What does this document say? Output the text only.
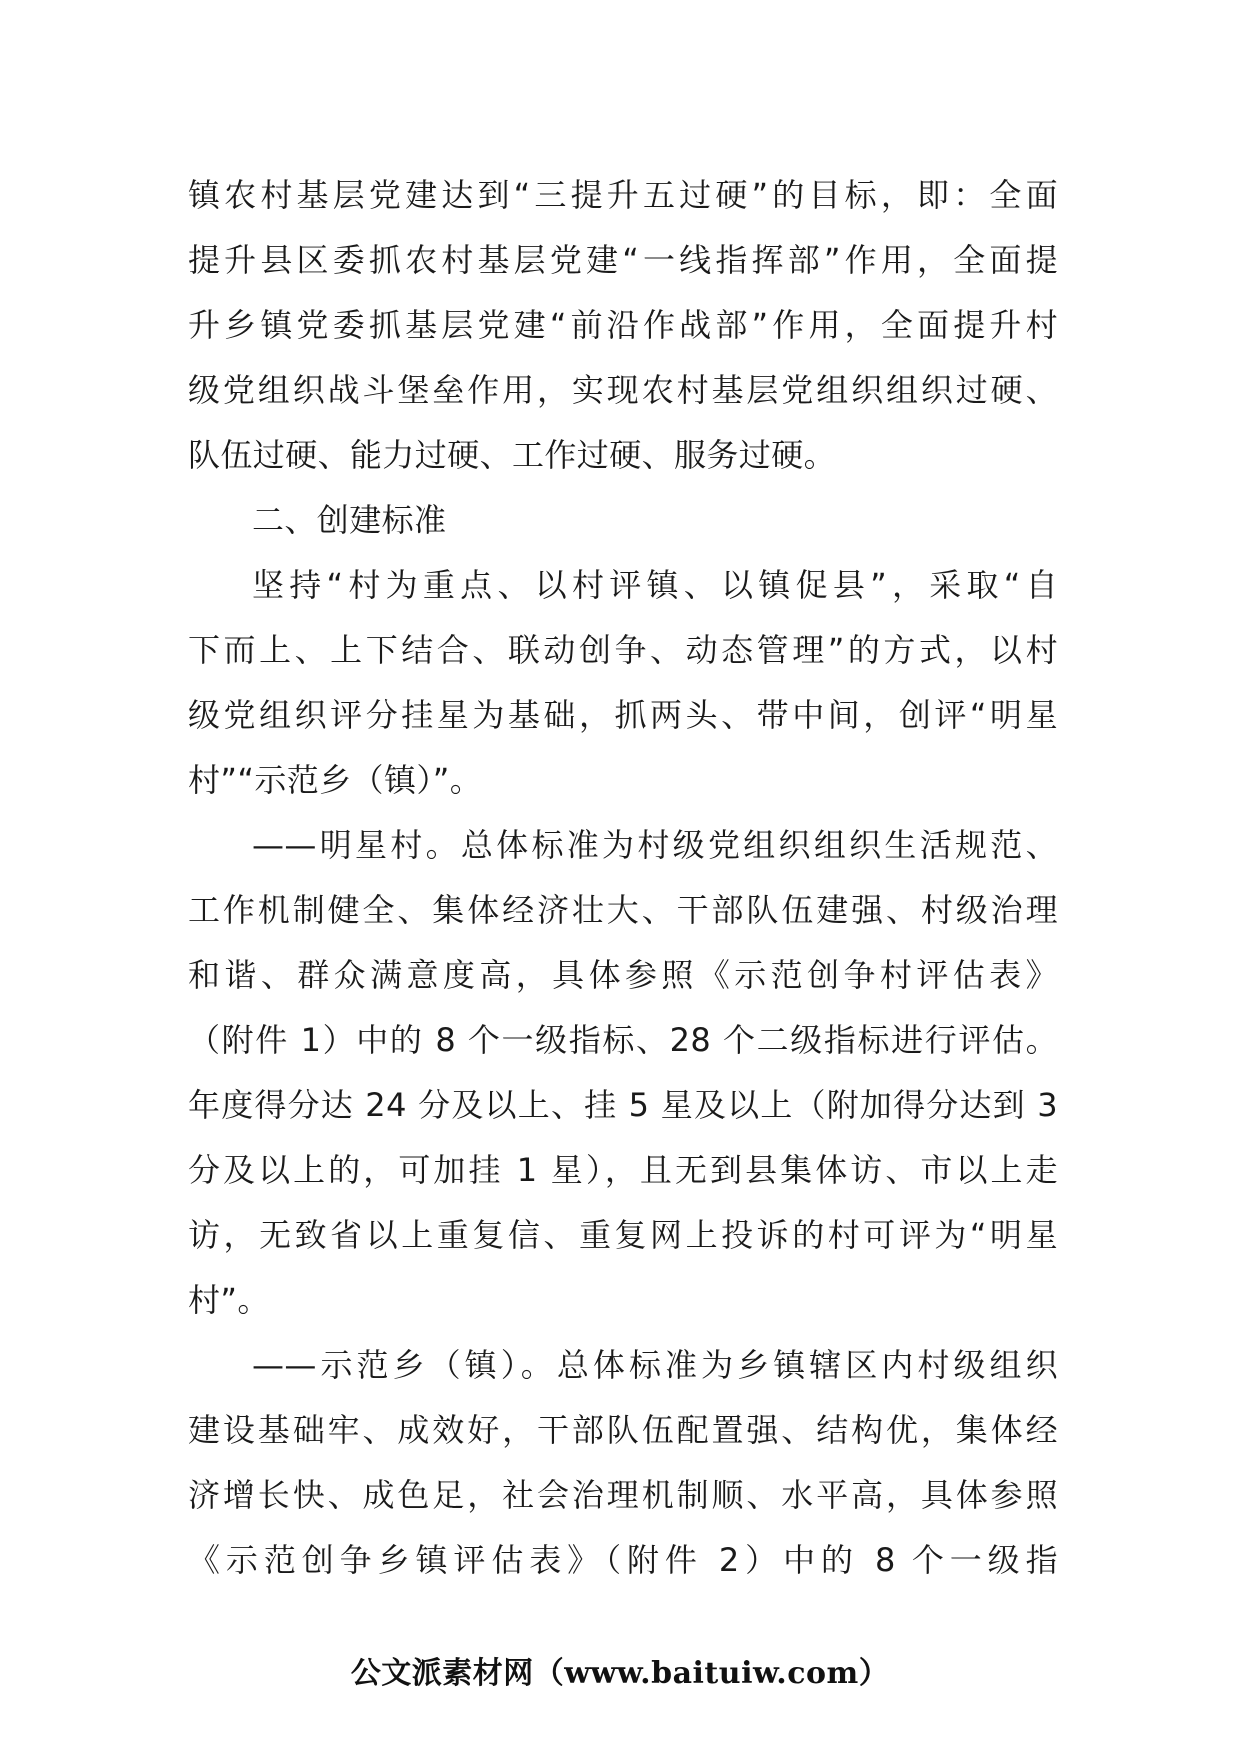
镇农村基层党建达到“三提升五过硬”的目标，即：全面
提升县区委抓农村基层党建“一线指挥部”作用，全面提
升乡镇党委抓基层党建“前沿作战部”作用，全面提升村
级党组织战斗堡垒作用，实现农村基层党组织组织过硬、
队伍过硬、能力过硬、工作过硬、服务过硬。
二、创建标准
坚持“村为重点、以村评镇、以镇促县”，采取“自
下而上、上下结合、联动创争、动态管理”的方式，以村
级党组织评分挂星为基础，抓两头、带中间，创评“明星
村”“示范乡（镇）”。
——明星村。总体标准为村级党组织组织生活规范、
工作机制健全、集体经济壮大、干部队伍建强、村级治理
和谐、群众满意度高，具体参照《示范创争村评估表》
（附件 1）中的 8 个一级指标、28 个二级指标进行评估。
年度得分达 24 分及以上、挂 5 星及以上（附加得分达到 3
分及以上的，可加挂 1 星），且无到县集体访、市以上走
访，无致省以上重复信、重复网上投诉的村可评为“明星
村”。
——示范乡（镇）。总体标准为乡镇辖区内村级组织
建设基础牢、成效好，干部队伍配置强、结构优，集体经
济增长快、成色足，社会治理机制顺、水平高，具体参照
《示范创争乡镇评估表》（附件 2）中的 8 个一级指
公文派素材网（www.baituiw.com）
